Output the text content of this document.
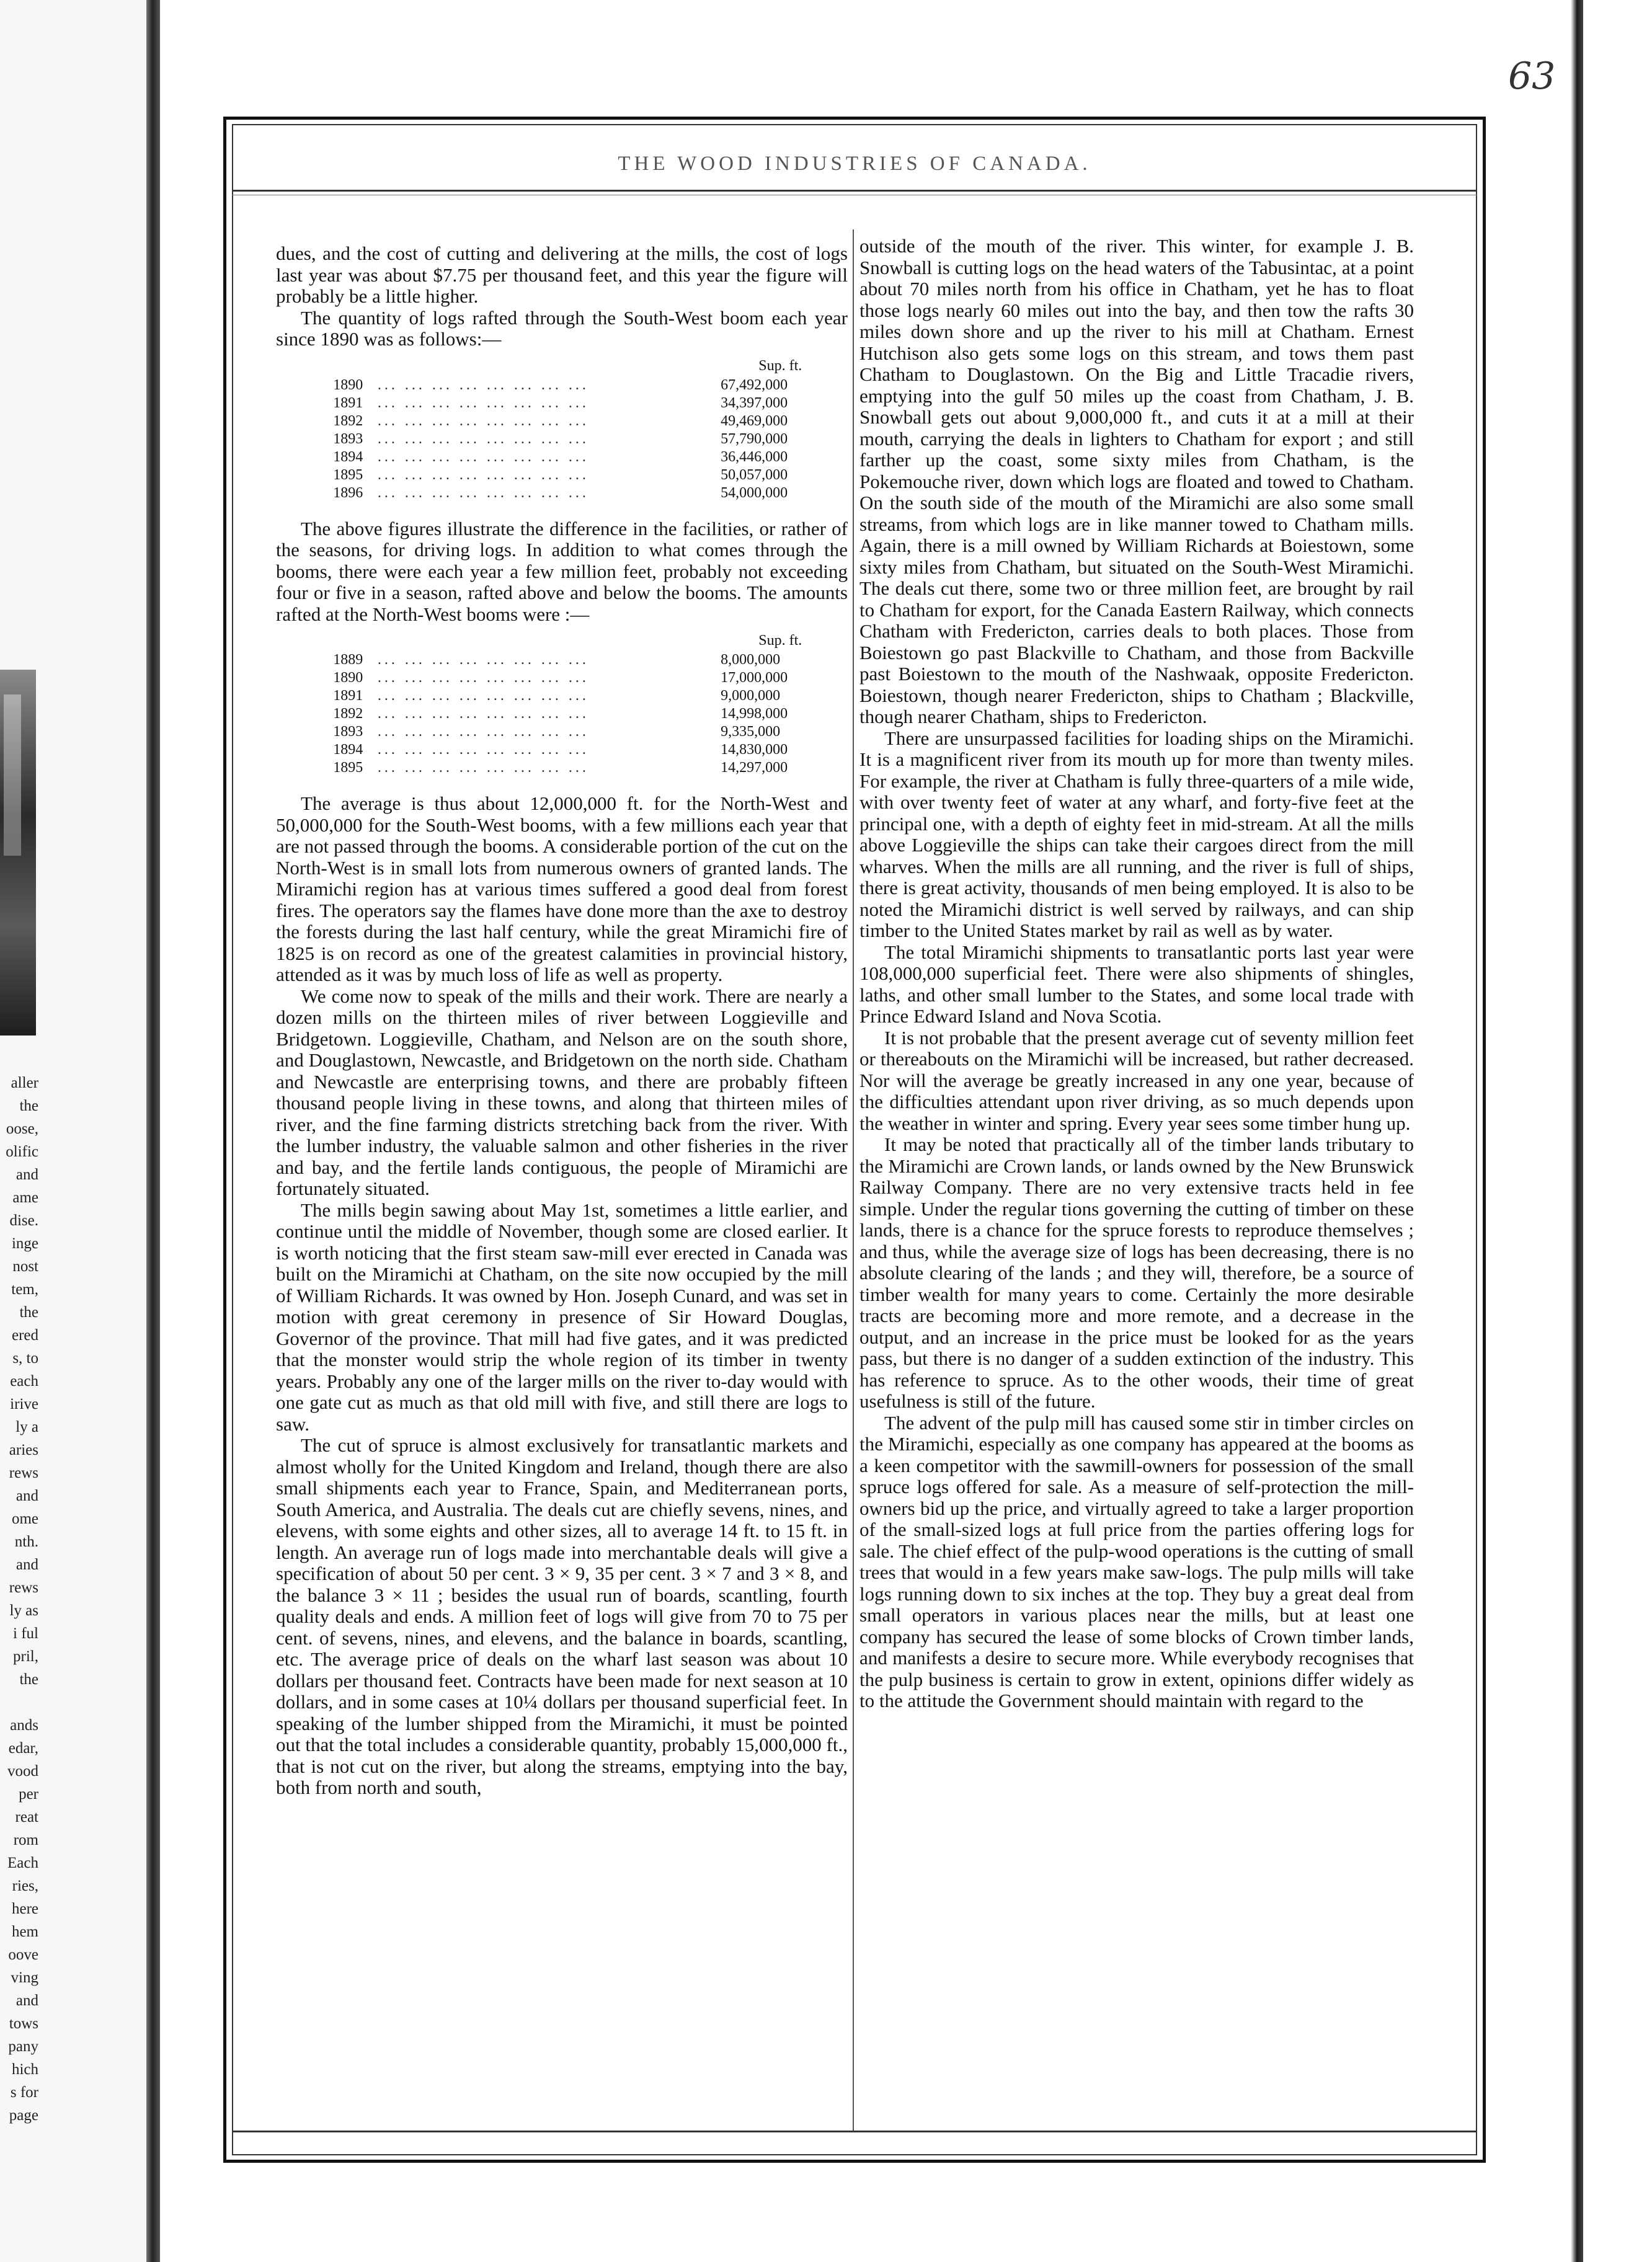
aller
the
oose,
olific
and
ame
dise.
inge
nost
tem,
the
ered
s, to
each
irive
ly a
aries
rews
and
ome
nth.
and
rews
ly as
i ful
pril,
the
ands
edar,
vood
per
reat
rom
Each
ries,
here
hem
oove
ving
and
tows
pany
hich
s for
page
63
THE WOOD INDUSTRIES OF CANADA.

dues, and the cost of cutting and delivering at the mills, the cost of logs last year was about $7.75 per thousand feet, and this year the figure will probably be a little higher.

The quantity of logs rafted through the South-West boom each year since 1890 was as follows:—

Sup. ft.
1890	... ... ... ... ... ... ... ...	67,492,000
1891	... ... ... ... ... ... ... ...	34,397,000
1892	... ... ... ... ... ... ... ...	49,469,000
1893	... ... ... ... ... ... ... ...	57,790,000
1894	... ... ... ... ... ... ... ...	36,446,000
1895	... ... ... ... ... ... ... ...	50,057,000
1896	... ... ... ... ... ... ... ...	54,000,000

The above figures illustrate the difference in the facilities, or rather of the seasons, for driving logs. In addition to what comes through the booms, there were each year a few million feet, probably not exceeding four or five in a season, rafted above and below the booms. The amounts rafted at the North-West booms were :—

Sup. ft.
1889	... ... ... ... ... ... ... ...	8,000,000
1890	... ... ... ... ... ... ... ...	17,000,000
1891	... ... ... ... ... ... ... ...	9,000,000
1892	... ... ... ... ... ... ... ...	14,998,000
1893	... ... ... ... ... ... ... ...	9,335,000
1894	... ... ... ... ... ... ... ...	14,830,000
1895	... ... ... ... ... ... ... ...	14,297,000

The average is thus about 12,000,000 ft. for the North-West and 50,000,000 for the South-West booms, with a few millions each year that are not passed through the booms. A considerable portion of the cut on the North-West is in small lots from numerous owners of granted lands. The Miramichi region has at various times suffered a good deal from forest fires. The operators say the flames have done more than the axe to destroy the forests during the last half century, while the great Miramichi fire of 1825 is on record as one of the greatest calamities in provincial history, attended as it was by much loss of life as well as property.

We come now to speak of the mills and their work. There are nearly a dozen mills on the thirteen miles of river between Loggieville and Bridgetown. Loggieville, Chatham, and Nelson are on the south shore, and Douglastown, Newcastle, and Bridgetown on the north side. Chatham and Newcastle are enterprising towns, and there are probably fifteen thousand people living in these towns, and along that thirteen miles of river, and the fine farming districts stretching back from the river. With the lumber industry, the valuable salmon and other fisheries in the river and bay, and the fertile lands contiguous, the people of Miramichi are fortunately situated.

The mills begin sawing about May 1st, sometimes a little earlier, and continue until the middle of November, though some are closed earlier. It is worth noticing that the first steam saw-mill ever erected in Canada was built on the Miramichi at Chatham, on the site now occupied by the mill of William Richards. It was owned by Hon. Joseph Cunard, and was set in motion with great ceremony in presence of Sir Howard Douglas, Governor of the province. That mill had five gates, and it was predicted that the monster would strip the whole region of its timber in twenty years. Probably any one of the larger mills on the river to-day would with one gate cut as much as that old mill with five, and still there are logs to saw.

The cut of spruce is almost exclusively for transatlantic markets and almost wholly for the United Kingdom and Ireland, though there are also small shipments each year to France, Spain, and Mediterranean ports, South America, and Australia. The deals cut are chiefly sevens, nines, and elevens, with some eights and other sizes, all to average 14 ft. to 15 ft. in length. An average run of logs made into merchantable deals will give a specification of about 50 per cent. 3 × 9, 35 per cent. 3 × 7 and 3 × 8, and the balance 3 × 11 ; besides the usual run of boards, scantling, fourth quality deals and ends. A million feet of logs will give from 70 to 75 per cent. of sevens, nines, and elevens, and the balance in boards, scantling, etc. The average price of deals on the wharf last season was about 10 dollars per thousand feet. Contracts have been made for next season at 10 dollars, and in some cases at 10¼ dollars per thousand superficial feet. In speaking of the lumber shipped from the Miramichi, it must be pointed out that the total includes a considerable quantity, probably 15,000,000 ft., that is not cut on the river, but along the streams, emptying into the bay, both from north and south,

outside of the mouth of the river. This winter, for example J. B. Snowball is cutting logs on the head waters of the Tabusintac, at a point about 70 miles north from his office in Chatham, yet he has to float those logs nearly 60 miles out into the bay, and then tow the rafts 30 miles down shore and up the river to his mill at Chatham. Ernest Hutchison also gets some logs on this stream, and tows them past Chatham to Douglastown. On the Big and Little Tracadie rivers, emptying into the gulf 50 miles up the coast from Chatham, J. B. Snowball gets out about 9,000,000 ft., and cuts it at a mill at their mouth, carrying the deals in lighters to Chatham for export ; and still farther up the coast, some sixty miles from Chatham, is the Pokemouche river, down which logs are floated and towed to Chatham. On the south side of the mouth of the Miramichi are also some small streams, from which logs are in like manner towed to Chatham mills. Again, there is a mill owned by William Richards at Boiestown, some sixty miles from Chatham, but situated on the South-West Miramichi. The deals cut there, some two or three million feet, are brought by rail to Chatham for export, for the Canada Eastern Railway, which connects Chatham with Fredericton, carries deals to both places. Those from Boiestown go past Blackville to Chatham, and those from Backville past Boiestown to the mouth of the Nashwaak, opposite Fredericton. Boiestown, though nearer Fredericton, ships to Chatham ; Blackville, though nearer Chatham, ships to Fredericton.

There are unsurpassed facilities for loading ships on the Miramichi. It is a magnificent river from its mouth up for more than twenty miles. For example, the river at Chatham is fully three-quarters of a mile wide, with over twenty feet of water at any wharf, and forty-five feet at the principal one, with a depth of eighty feet in mid-stream. At all the mills above Loggieville the ships can take their cargoes direct from the mill wharves. When the mills are all running, and the river is full of ships, there is great activity, thousands of men being employed. It is also to be noted the Miramichi district is well served by railways, and can ship timber to the United States market by rail as well as by water.

The total Miramichi shipments to transatlantic ports last year were 108,000,000 superficial feet. There were also shipments of shingles, laths, and other small lumber to the States, and some local trade with Prince Edward Island and Nova Scotia.

It is not probable that the present average cut of seventy million feet or thereabouts on the Miramichi will be increased, but rather decreased. Nor will the average be greatly increased in any one year, because of the difficulties attendant upon river driving, as so much depends upon the weather in winter and spring. Every year sees some timber hung up.

It may be noted that practically all of the timber lands tributary to the Miramichi are Crown lands, or lands owned by the New Brunswick Railway Company. There are no very extensive tracts held in fee simple. Under the regular tions governing the cutting of timber on these lands, there is a chance for the spruce forests to reproduce themselves ; and thus, while the average size of logs has been decreasing, there is no absolute clearing of the lands ; and they will, therefore, be a source of timber wealth for many years to come. Certainly the more desirable tracts are becoming more and more remote, and a decrease in the output, and an increase in the price must be looked for as the years pass, but there is no danger of a sudden extinction of the industry. This has reference to spruce. As to the other woods, their time of great usefulness is still of the future.

The advent of the pulp mill has caused some stir in timber circles on the Miramichi, especially as one company has appeared at the booms as a keen competitor with the sawmill-owners for possession of the small spruce logs offered for sale. As a measure of self-protection the mill-owners bid up the price, and virtually agreed to take a larger proportion of the small-sized logs at full price from the parties offering logs for sale. The chief effect of the pulp-wood operations is the cutting of small trees that would in a few years make saw-logs. The pulp mills will take logs running down to six inches at the top. They buy a great deal from small operators in various places near the mills, but at least one company has secured the lease of some blocks of Crown timber lands, and manifests a desire to secure more. While everybody recognises that the pulp business is certain to grow in extent, opinions differ widely as to the attitude the Government should maintain with regard to the
